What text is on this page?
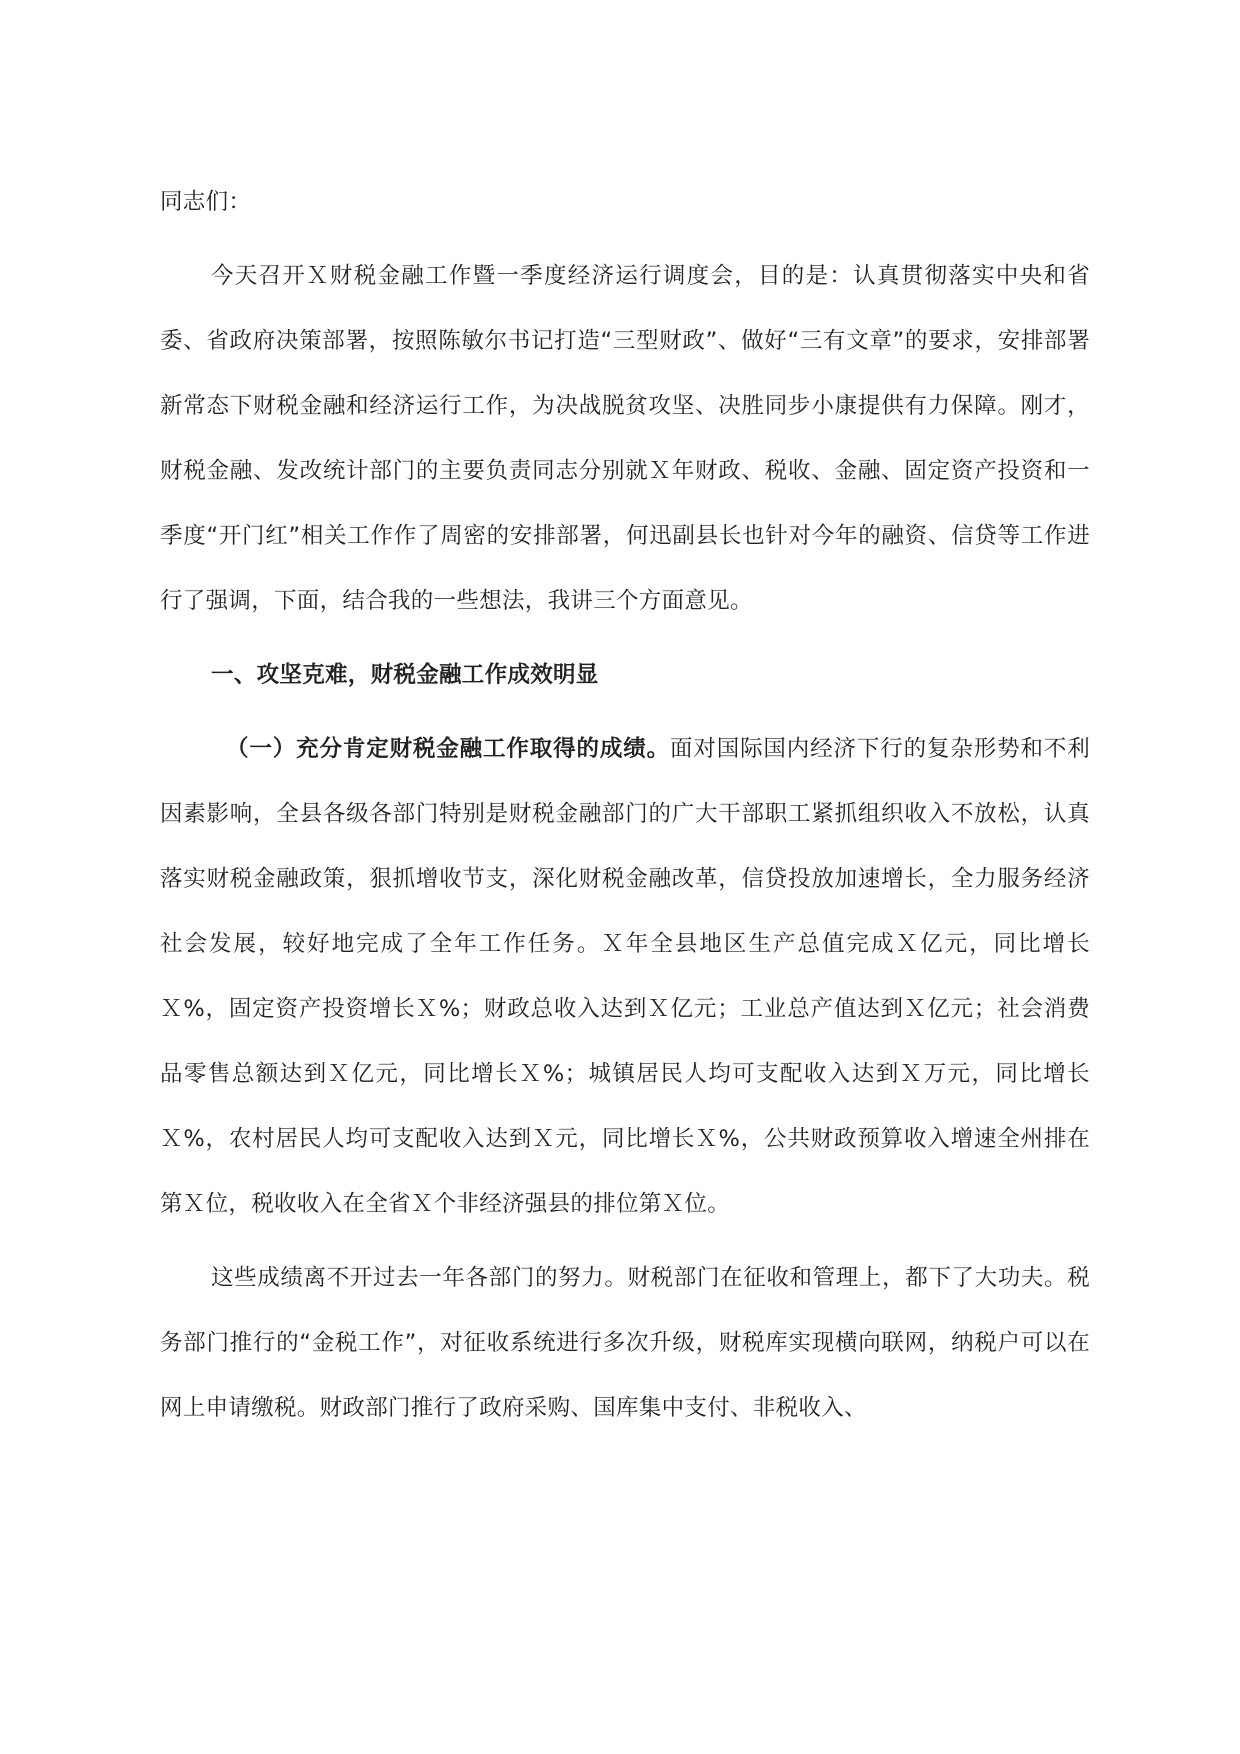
同志们：

今天召开Ｘ财税金融工作暨一季度经济运行调度会，目的是：认真贯彻落实中央和省委、省政府决策部署，按照陈敏尔书记打造“三型财政”、做好“三有文章”的要求，安排部署新常态下财税金融和经济运行工作，为决战脱贫攻坚、决胜同步小康提供有力保障。刚才，财税金融、发改统计部门的主要负责同志分别就Ｘ年财政、税收、金融、固定资产投资和一季度“开门红”相关工作作了周密的安排部署，何迅副县长也针对今年的融资、信贷等工作进行了强调，下面，结合我的一些想法，我讲三个方面意见。

一、攻坚克难，财税金融工作成效明显

（一）充分肯定财税金融工作取得的成绩。面对国际国内经济下行的复杂形势和不利因素影响，全县各级各部门特别是财税金融部门的广大干部职工紧抓组织收入不放松，认真落实财税金融政策，狠抓增收节支，深化财税金融改革，信贷投放加速增长，全力服务经济社会发展，较好地完成了全年工作任务。Ｘ年全县地区生产总值完成Ｘ亿元，同比增长Ｘ%，固定资产投资增长Ｘ%；财政总收入达到Ｘ亿元；工业总产值达到Ｘ亿元；社会消费品零售总额达到Ｘ亿元，同比增长Ｘ%；城镇居民人均可支配收入达到Ｘ万元，同比增长Ｘ%，农村居民人均可支配收入达到Ｘ元，同比增长Ｘ%，公共财政预算收入增速全州排在第Ｘ位，税收收入在全省Ｘ个非经济强县的排位第Ｘ位。

这些成绩离不开过去一年各部门的努力。财税部门在征收和管理上，都下了大功夫。税务部门推行的“金税工作”，对征收系统进行多次升级，财税库实现横向联网，纳税户可以在网上申请缴税。财政部门推行了政府采购、国库集中支付、非税收入、
